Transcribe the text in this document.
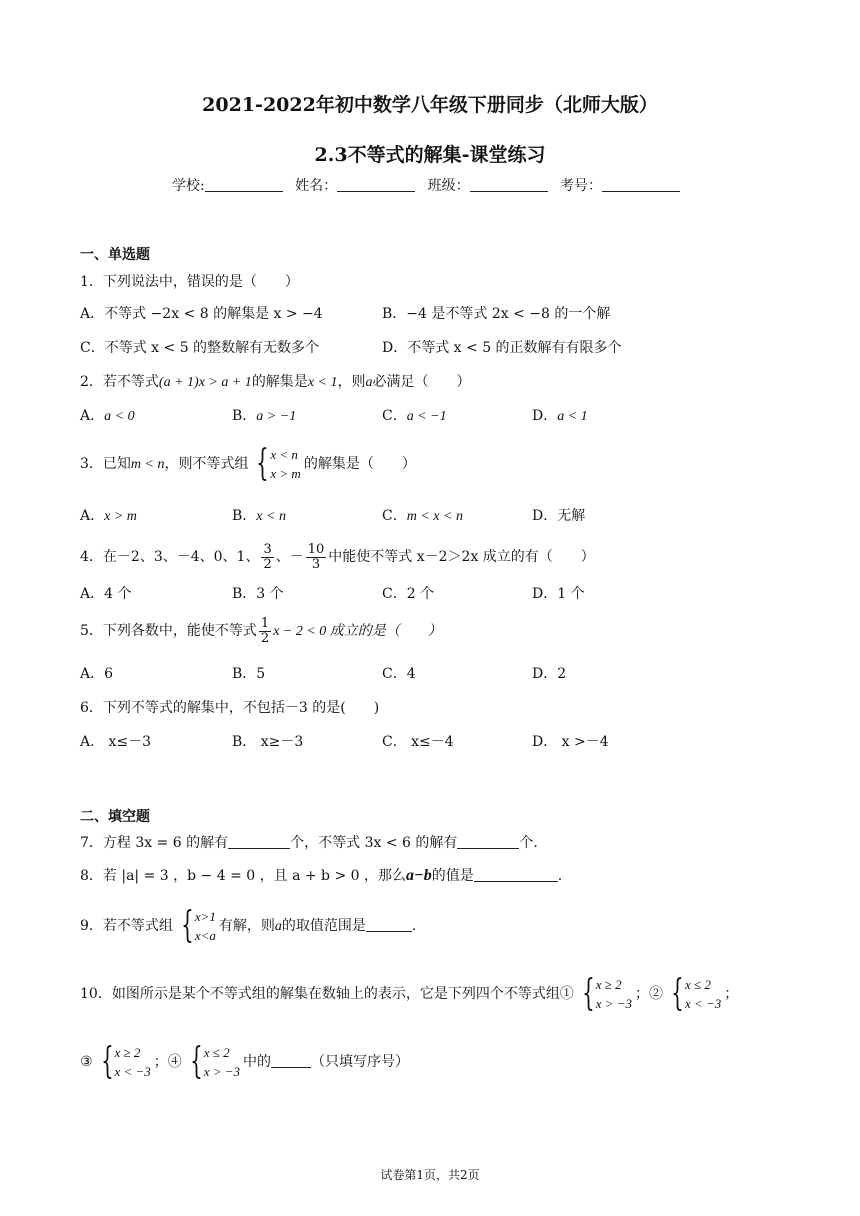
2021-2022年初中数学八年级下册同步（北师大版）
2.3不等式的解集-课堂练习
学校:	姓名：	班级：	考号：
一、单选题
1．下列说法中，错误的是（　　）
A．不等式 −2x < 8 的解集是 x > −4	B．−4 是不等式 2x < −8 的一个解
C．不等式 x < 5 的整数解有无数多个	D．不等式 x < 5 的正数解有有限多个
2．若不等式(a + 1)x > a + 1的解集是x < 1，则a必满足（　　）
A．a < 0	B．a > −1	C．a < −1	D．a < 1
3．已知m < n，则不等式组 { x < n
x > m
的解集是（　　）
A．x > m	B．x < n	C．m < x < n	D．无解
4．在－2、3、－4、0、1、 $\frac{3}{2}$ 、－ $\frac{10}{3}$ 中能使不等式 x－2＞2x 成立的有（　　）
A．4 个	B．3 个	C．2 个	D．1 个
5．下列各数中，能使不等式 $\frac{1}{2}$ x − 2 < 0 成立的是（　　）
A．6	B．5	C．4	D．2
6．下列不等式的解集中，不包括－3 的是(　　)
A． x≤－3	B． x≥－3	C． x≤－4	D． x >－4
二、填空题
7．方程 3x = 6 的解有	个，不等式 3x < 6 的解有	个.
8．若 |a| = 3 ，b − 4 = 0 ，且 a + b > 0 ，那么a−b的值是	.
9．若不等式组 { x>1
x<a
有解，则a的取值范围是	.
10．如图所示是某个不等式组的解集在数轴上的表示，它是下列四个不等式组① { x ≥ 2
x > −3
；② { x ≤ 2
x < −3
；
③ { x ≥ 2
x < −3
；④ { x ≤ 2
x > −3
中的	（只填写序号）
试卷第1页，共2页
